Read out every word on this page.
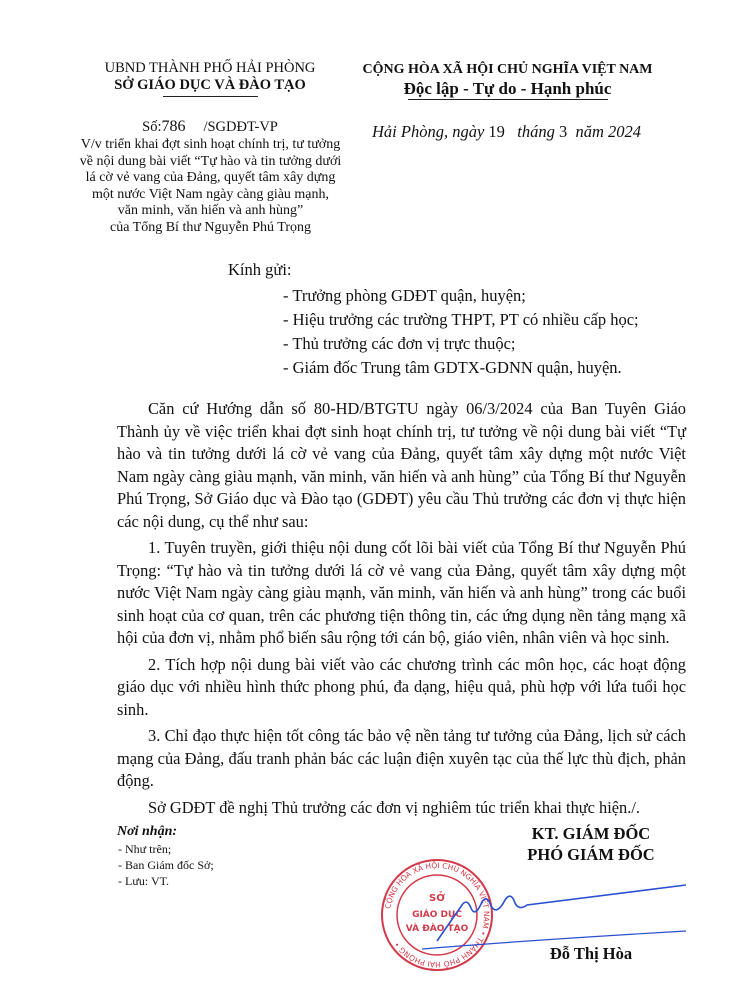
UBND THÀNH PHỐ HẢI PHÒNG
SỞ GIÁO DỤC VÀ ĐÀO TẠO
CỘNG HÒA XÃ HỘI CHỦ NGHĨA VIỆT NAM
Độc lập - Tự do - Hạnh phúc
Số:786 /SGDĐT-VP
V/v triển khai đợt sinh hoạt chính trị, tư tưởng
về nội dung bài viết “Tự hào và tin tưởng dưới
lá cờ vẻ vang của Đảng, quyết tâm xây dựng
một nước Việt Nam ngày càng giàu mạnh,
văn minh, văn hiến và anh hùng”
của Tổng Bí thư Nguyễn Phú Trọng
Hải Phòng, ngày 19 tháng 3 năm 2024
Kính gửi:
- Trưởng phòng GDĐT quận, huyện;
- Hiệu trưởng các trường THPT, PT có nhiều cấp học;
- Thủ trưởng các đơn vị trực thuộc;
- Giám đốc Trung tâm GDTX-GDNN quận, huyện.

Căn cứ Hướng dẫn số 80-HD/BTGTU ngày 06/3/2024 của Ban Tuyên Giáo Thành ủy về việc triển khai đợt sinh hoạt chính trị, tư tưởng về nội dung bài viết “Tự hào và tin tưởng dưới lá cờ vẻ vang của Đảng, quyết tâm xây dựng một nước Việt Nam ngày càng giàu mạnh, văn minh, văn hiến và anh hùng” của Tổng Bí thư Nguyễn Phú Trọng, Sở Giáo dục và Đào tạo (GDĐT) yêu cầu Thủ trưởng các đơn vị thực hiện các nội dung, cụ thể như sau:

1. Tuyên truyền, giới thiệu nội dung cốt lõi bài viết của Tổng Bí thư Nguyễn Phú Trọng: “Tự hào và tin tưởng dưới lá cờ vẻ vang của Đảng, quyết tâm xây dựng một nước Việt Nam ngày càng giàu mạnh, văn minh, văn hiến và anh hùng” trong các buổi sinh hoạt của cơ quan, trên các phương tiện thông tin, các ứng dụng nền tảng mạng xã hội của đơn vị, nhằm phổ biến sâu rộng tới cán bộ, giáo viên, nhân viên và học sinh.

2. Tích hợp nội dung bài viết vào các chương trình các môn học, các hoạt động giáo dục với nhiều hình thức phong phú, đa dạng, hiệu quả, phù hợp với lứa tuổi học sinh.

3. Chỉ đạo thực hiện tốt công tác bảo vệ nền tảng tư tưởng của Đảng, lịch sử cách mạng của Đảng, đấu tranh phản bác các luận điện xuyên tạc của thế lực thù địch, phản động.

Sở GDĐT đề nghị Thủ trưởng các đơn vị nghiêm túc triển khai thực hiện./.

Nơi nhận:
- Như trên;
- Ban Giám đốc Sở;
- Lưu: VT.
CỘNG HÒA XÃ HỘI CHỦ NGHĨA VIỆT NAM • THÀNH PHỐ HẢI PHÒNG •
SỞ
GIÁO DỤC
VÀ ĐÀO TẠO
KT. GIÁM ĐỐC
PHÓ GIÁM ĐỐC
Đỗ Thị Hòa
